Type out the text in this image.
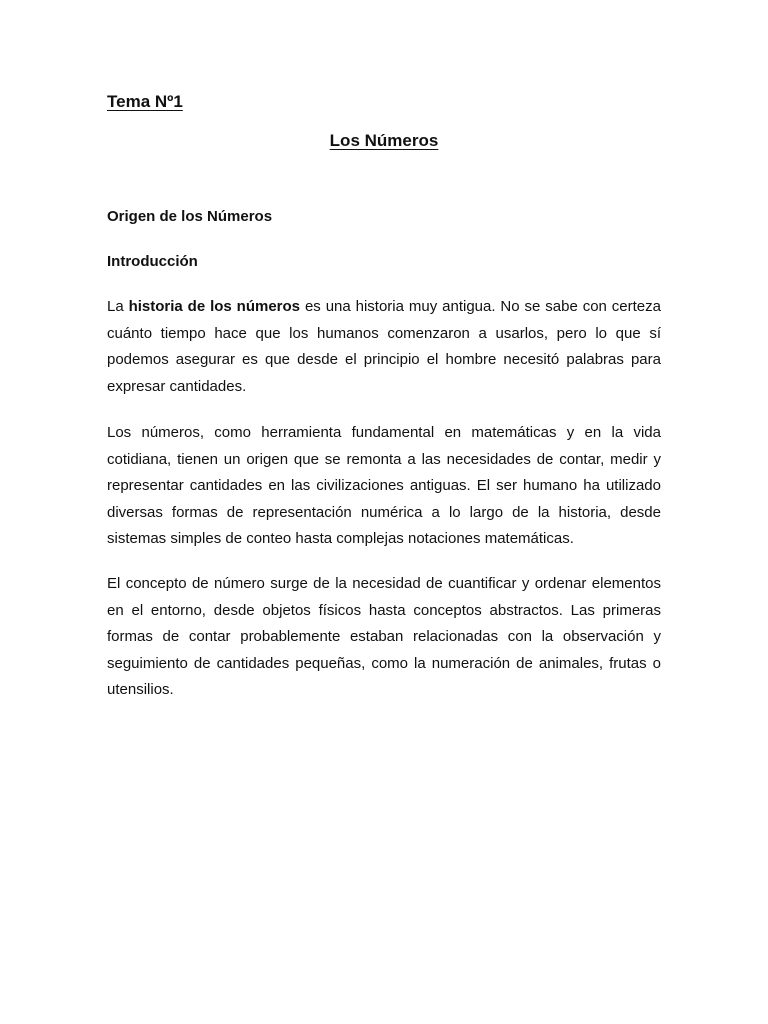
Tema Nº1
Los Números
Origen de los Números
Introducción

La historia de los números es una historia muy antigua. No se sabe con certeza cuánto tiempo hace que los humanos comenzaron a usarlos, pero lo que sí podemos asegurar es que desde el principio el hombre necesitó palabras para expresar cantidades.

Los números, como herramienta fundamental en matemáticas y en la vida cotidiana, tienen un origen que se remonta a las necesidades de contar, medir y representar cantidades en las civilizaciones antiguas. El ser humano ha utilizado diversas formas de representación numérica a lo largo de la historia, desde sistemas simples de conteo hasta complejas notaciones matemáticas.

El concepto de número surge de la necesidad de cuantificar y ordenar elementos en el entorno, desde objetos físicos hasta conceptos abstractos. Las primeras formas de contar probablemente estaban relacionadas con la observación y seguimiento de cantidades pequeñas, como la numeración de animales, frutas o utensilios.
